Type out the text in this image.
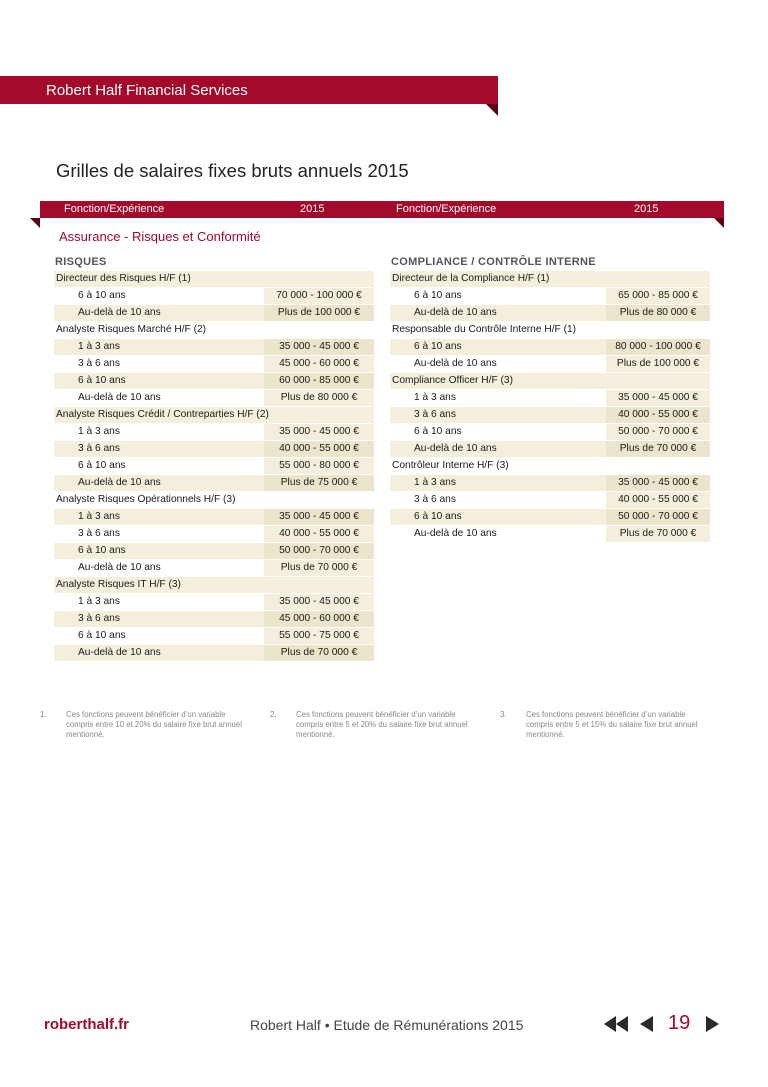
Robert Half Financial Services
Grilles de salaires fixes bruts annuels 2015
Fonction/Expérience	2015	Fonction/Expérience	2015
Assurance - Risques et Conformité
RISQUES
Directeur des Risques H/F (1)
6 à 10 ans	70 000 - 100 000 €
Au-delà de 10 ans	Plus de 100 000 €
Analyste Risques Marché H/F (2)
1 à 3 ans	35 000 - 45 000 €
3 à 6 ans	45 000 - 60 000 €
6 à 10 ans	60 000 - 85 000 €
Au-delà de 10 ans	Plus de 80 000 €
Analyste Risques Crédit / Contreparties H/F (2)
1 à 3 ans	35 000 - 45 000 €
3 à 6 ans	40 000 - 55 000 €
6 à 10 ans	55 000 - 80 000 €
Au-delà de 10 ans	Plus de 75 000 €
Analyste Risques Opérationnels H/F (3)
1 à 3 ans	35 000 - 45 000 €
3 à 6 ans	40 000 - 55 000 €
6 à 10 ans	50 000 - 70 000 €
Au-delà de 10 ans	Plus de 70 000 €
Analyste Risques IT H/F (3)
1 à 3 ans	35 000 - 45 000 €
3 à 6 ans	45 000 - 60 000 €
6 à 10 ans	55 000 - 75 000 €
Au-delà de 10 ans	Plus de 70 000 €
COMPLIANCE / CONTRÔLE INTERNE
Directeur de la Compliance H/F (1)
6 à 10 ans	65 000 - 85 000 €
Au-delà de 10 ans	Plus de 80 000 €
Responsable du Contrôle Interne H/F (1)
6 à 10 ans	80 000 - 100 000 €
Au-delà de 10 ans	Plus de 100 000 €
Compliance Officer H/F (3)
1 à 3 ans	35 000 - 45 000 €
3 à 6 ans	40 000 - 55 000 €
6 à 10 ans	50 000 - 70 000 €
Au-delà de 10 ans	Plus de 70 000 €
Contrôleur Interne H/F (3)
1 à 3 ans	35 000 - 45 000 €
3 à 6 ans	40 000 - 55 000 €
6 à 10 ans	50 000 - 70 000 €
Au-delà de 10 ans	Plus de 70 000 €
1. Ces fonctions peuvent bénéficier d’un variable compris entre 10 et 20% du salaire fixe brut annuel mentionné.
2. Ces fonctions peuvent bénéficier d’un variable compris entre 5 et 20% du salaire fixe brut annuel mentionné.
3. Ces fonctions peuvent bénéficier d’un variable compris entre 5 et 15% du salaire fixe brut annuel mentionné.
roberthalf.fr	Robert Half • Etude de Rémunérations 2015	19
